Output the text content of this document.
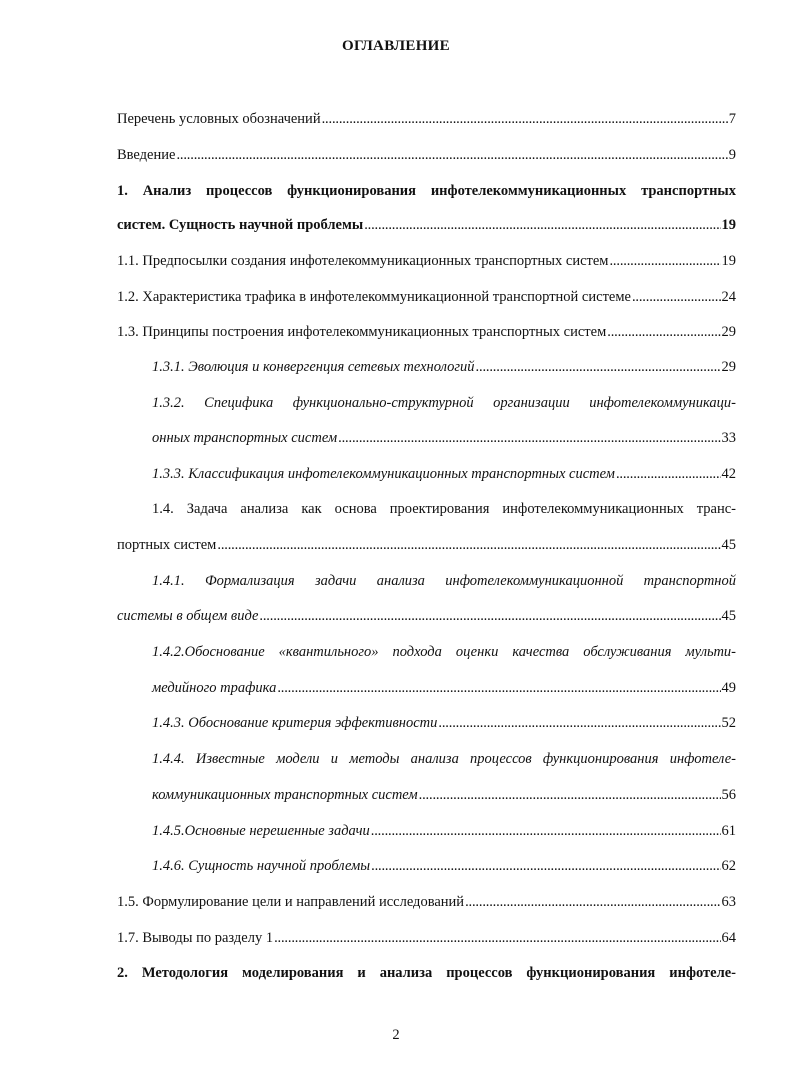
ОГЛАВЛЕНИЕ
Перечень условных обозначений . . .	7
Введение . . .	9
1. Анализ процессов функционирования инфотелекоммуникационных транспортных
систем. Сущность научной проблемы . . .	19
1.1. Предпосылки создания инфотелекоммуникационных транспортных систем . . .	19
1.2. Характеристика трафика в инфотелекоммуникационной транспортной системе . . .	24
1.3. Принципы построения инфотелекоммуникационных транспортных систем . . .	29
1.3.1. Эволюция и конвергенция сетевых технологий . . .	29
1.3.2. Специфика функционально-структурной организации инфотелекоммуникаци-
онных транспортных систем . . .	33
1.3.3. Классификация инфотелекоммуникационных транспортных систем . . .	42
1.4. Задача анализа как основа проектирования инфотелекоммуникационных транс-
портных систем . . .	45
1.4.1. Формализация задачи анализа инфотелекоммуникационной транспортной
системы в общем виде . . .	45
1.4.2.Обоснование «квантильного» подхода оценки качества обслуживания мульти-
медийного трафика . . .	49
1.4.3. Обоснование критерия эффективности . . .	52
1.4.4. Известные модели и методы анализа процессов функционирования инфотеле-
коммуникационных транспортных систем . . .	56
1.4.5.Основные нерешенные задачи . . .	61
1.4.6. Сущность научной проблемы . . .	62
1.5. Формулирование цели и направлений исследований . . .	63
1.7. Выводы по разделу 1 . . .	64
2. Методология моделирования и анализа процессов функционирования инфотеле-
2
